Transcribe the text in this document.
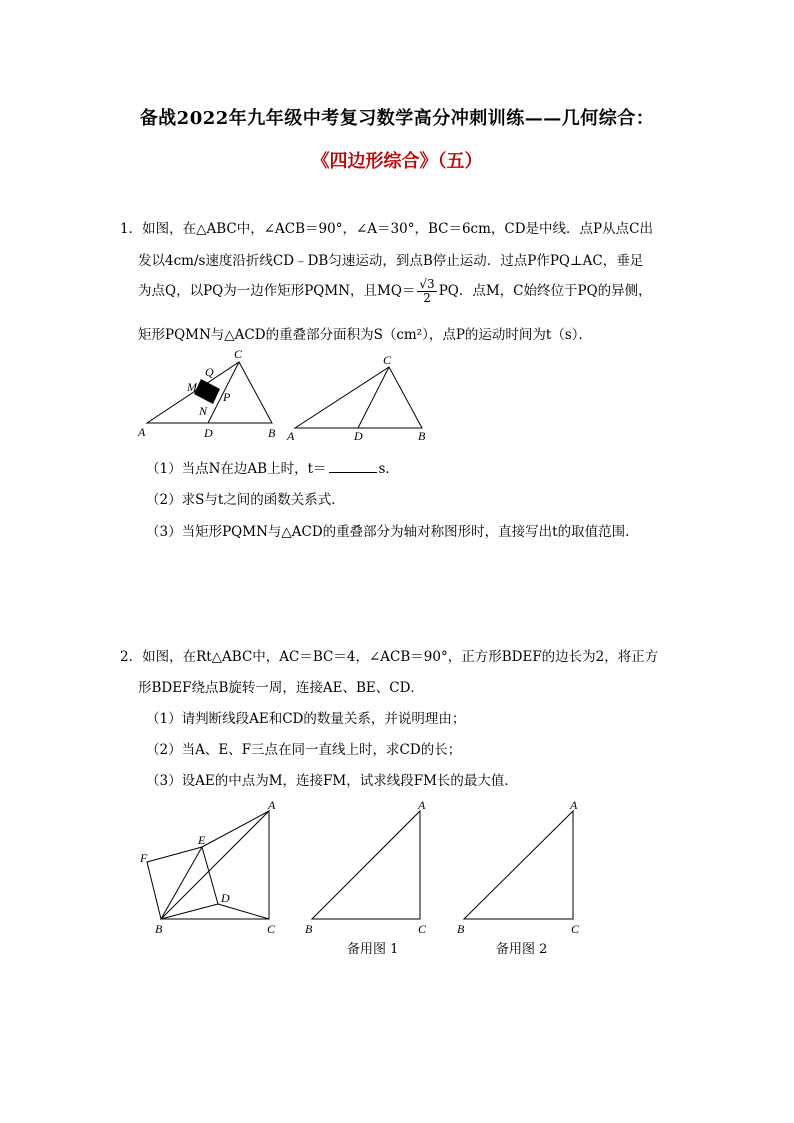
备战2022年九年级中考复习数学高分冲刺训练——几何综合：
《四边形综合》（五）
1．如图，在△ABC中，∠ACB＝90°，∠A＝30°，BC＝6cm，CD是中线．点P从点C出
发以4cm/s速度沿折线CD﹣DB匀速运动，到点B停止运动．过点P作PQ⊥AC，垂足
为点Q，以PQ为一边作矩形PQMN，且$MQ= \frac{√3}{2}$ PQ．点M，C始终位于PQ的异侧，
矩形PQMN与△ACD的重叠部分面积为S（cm²），点P的运动时间为t（s）．
C
Q
M
P
N
A	D	B
C
A	D	B
（1）当点N在边AB上时，t＝	s．
（2）求S与t之间的函数关系式．
（3）当矩形PQMN与△ACD的重叠部分为轴对称图形时，直接写出t的取值范围．
2．如图，在Rt△ABC中，AC＝BC＝4，∠ACB＝90°，正方形BDEF的边长为2，将正方
形BDEF绕点B旋转一周，连接AE、BE、CD．
（1）请判断线段AE和CD的数量关系，并说明理由；
（2）当A、E、F三点在同一直线上时，求CD的长；
（3）设AE的中点为M，连接FM，试求线段FM长的最大值．
A
E
F
D
B	C
A
B	C
备用图 1
A
B	C
备用图 2
